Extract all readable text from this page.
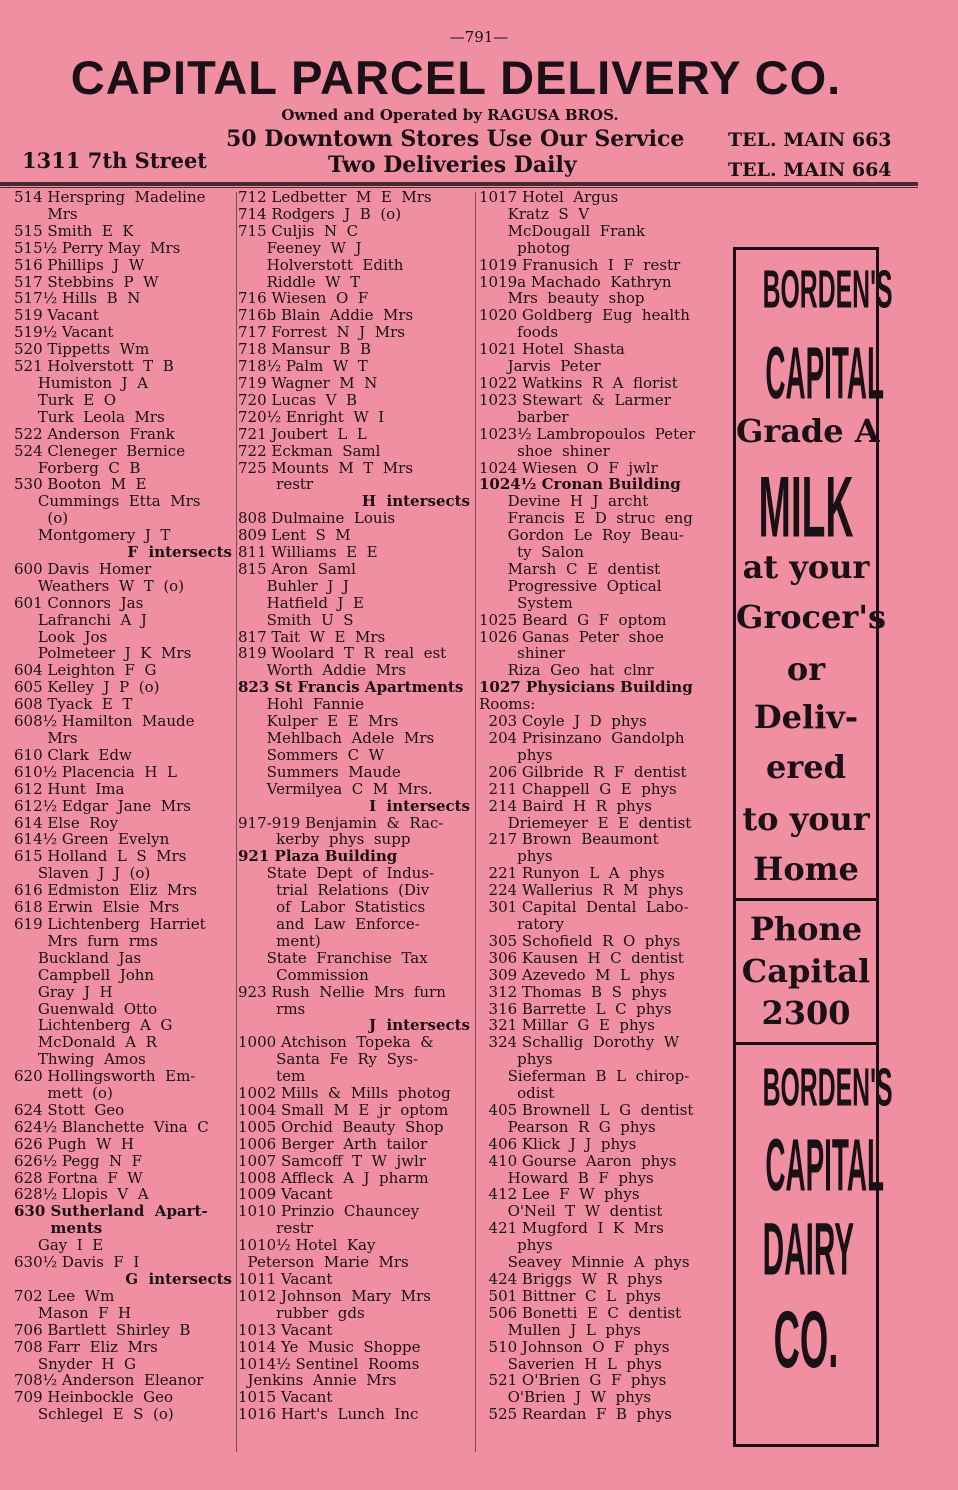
—791—
CAPITAL PARCEL DELIVERY CO.
Owned and Operated by RAGUSA BROS.
1311 7th Street
50 Downtown Stores Use Our Service
Two Deliveries Daily
TEL. MAIN 663
TEL. MAIN 664
514 Herspring  Madeline
Mrs
515 Smith  E  K
515½ Perry May  Mrs
516 Phillips  J  W
517 Stebbins  P  W
517½ Hills  B  N
519 Vacant
519½ Vacant
520 Tippetts  Wm
521 Holverstott  T  B
Humiston  J  A
Turk  E  O
Turk  Leola  Mrs
522 Anderson  Frank
524 Cleneger  Bernice
Forberg  C  B
530 Booton  M  E
Cummings  Etta  Mrs
(o)
Montgomery  J  T
F  intersects
600 Davis  Homer
Weathers  W  T  (o)
601 Connors  Jas
Lafranchi  A  J
Look  Jos
Polmeteer  J  K  Mrs
604 Leighton  F  G
605 Kelley  J  P  (o)
608 Tyack  E  T
608½ Hamilton  Maude
Mrs
610 Clark  Edw
610½ Placencia  H  L
612 Hunt  Ima
612½ Edgar  Jane  Mrs
614 Else  Roy
614½ Green  Evelyn
615 Holland  L  S  Mrs
Slaven  J  J  (o)
616 Edmiston  Eliz  Mrs
618 Erwin  Elsie  Mrs
619 Lichtenberg  Harriet
Mrs  furn  rms
Buckland  Jas
Campbell  John
Gray  J  H
Guenwald  Otto
Lichtenberg  A  G
McDonald  A  R
Thwing  Amos
620 Hollingsworth  Em-
mett  (o)
624 Stott  Geo
624½ Blanchette  Vina  C
626 Pugh  W  H
626½ Pegg  N  F
628 Fortna  F  W
628½ Llopis  V  A
630 Sutherland  Apart-
ments
Gay  I  E
630½ Davis  F  I
G  intersects
702 Lee  Wm
Mason  F  H
706 Bartlett  Shirley  B
708 Farr  Eliz  Mrs
Snyder  H  G
708½ Anderson  Eleanor
709 Heinbockle  Geo
Schlegel  E  S  (o)
712 Ledbetter  M  E  Mrs
714 Rodgers  J  B  (o)
715 Culjis  N  C
Feeney  W  J
Holverstott  Edith
Riddle  W  T
716 Wiesen  O  F
716b Blain  Addie  Mrs
717 Forrest  N  J  Mrs
718 Mansur  B  B
718½ Palm  W  T
719 Wagner  M  N
720 Lucas  V  B
720½ Enright  W  I
721 Joubert  L  L
722 Eckman  Saml
725 Mounts  M  T  Mrs
restr
H  intersects
808 Dulmaine  Louis
809 Lent  S  M
811 Williams  E  E
815 Aron  Saml
Buhler  J  J
Hatfield  J  E
Smith  U  S
817 Tait  W  E  Mrs
819 Woolard  T  R  real  est
Worth  Addie  Mrs
823 St Francis Apartments
Hohl  Fannie
Kulper  E  E  Mrs
Mehlbach  Adele  Mrs
Sommers  C  W
Summers  Maude
Vermilyea  C  M  Mrs.
I  intersects
917-919 Benjamin  &  Rac-
kerby  phys  supp
921 Plaza Building
State  Dept  of  Indus-
trial  Relations  (Div
of  Labor  Statistics
and  Law  Enforce-
ment)
State  Franchise  Tax
Commission
923 Rush  Nellie  Mrs  furn
rms
J  intersects
1000 Atchison  Topeka  &
Santa  Fe  Ry  Sys-
tem
1002 Mills  &  Mills  photog
1004 Small  M  E  jr  optom
1005 Orchid  Beauty  Shop
1006 Berger  Arth  tailor
1007 Samcoff  T  W  jwlr
1008 Affleck  A  J  pharm
1009 Vacant
1010 Prinzio  Chauncey
restr
1010½ Hotel  Kay
Peterson  Marie  Mrs
1011 Vacant
1012 Johnson  Mary  Mrs
rubber  gds
1013 Vacant
1014 Ye  Music  Shoppe
1014½ Sentinel  Rooms
Jenkins  Annie  Mrs
1015 Vacant
1016 Hart's  Lunch  Inc
1017 Hotel  Argus
Kratz  S  V
McDougall  Frank
photog
1019 Franusich  I  F  restr
1019a Machado  Kathryn
Mrs  beauty  shop
1020 Goldberg  Eug  health
foods
1021 Hotel  Shasta
Jarvis  Peter
1022 Watkins  R  A  florist
1023 Stewart  &  Larmer
barber
1023½ Lambropoulos  Peter
shoe  shiner
1024 Wiesen  O  F  jwlr
1024½ Cronan Building
Devine  H  J  archt
Francis  E  D  struc  eng
Gordon  Le  Roy  Beau-
ty  Salon
Marsh  C  E  dentist
Progressive  Optical
System
1025 Beard  G  F  optom
1026 Ganas  Peter  shoe
shiner
Riza  Geo  hat  clnr
1027 Physicians Building
Rooms:
203 Coyle  J  D  phys
204 Prisinzano  Gandolph
phys
206 Gilbride  R  F  dentist
211 Chappell  G  E  phys
214 Baird  H  R  phys
Driemeyer  E  E  dentist
217 Brown  Beaumont
phys
221 Runyon  L  A  phys
224 Wallerius  R  M  phys
301 Capital  Dental  Labo-
ratory
305 Schofield  R  O  phys
306 Kausen  H  C  dentist
309 Azevedo  M  L  phys
312 Thomas  B  S  phys
316 Barrette  L  C  phys
321 Millar  G  E  phys
324 Schallig  Dorothy  W
phys
Sieferman  B  L  chirop-
odist
405 Brownell  L  G  dentist
Pearson  R  G  phys
406 Klick  J  J  phys
410 Gourse  Aaron  phys
Howard  B  F  phys
412 Lee  F  W  phys
O'Neil  T  W  dentist
421 Mugford  I  K  Mrs
phys
Seavey  Minnie  A  phys
424 Briggs  W  R  phys
501 Bittner  C  L  phys
506 Bonetti  E  C  dentist
Mullen  J  L  phys
510 Johnson  O  F  phys
Saverien  H  L  phys
521 O'Brien  G  F  phys
O'Brien  J  W  phys
525 Reardan  F  B  phys
BORDEN'S
CAPITAL
Grade A
MILK
at your
Grocer's
or
Deliv-
ered
to your
Home
Phone
Capital
2300
BORDEN'S
CAPITAL
DAIRY
CO.
